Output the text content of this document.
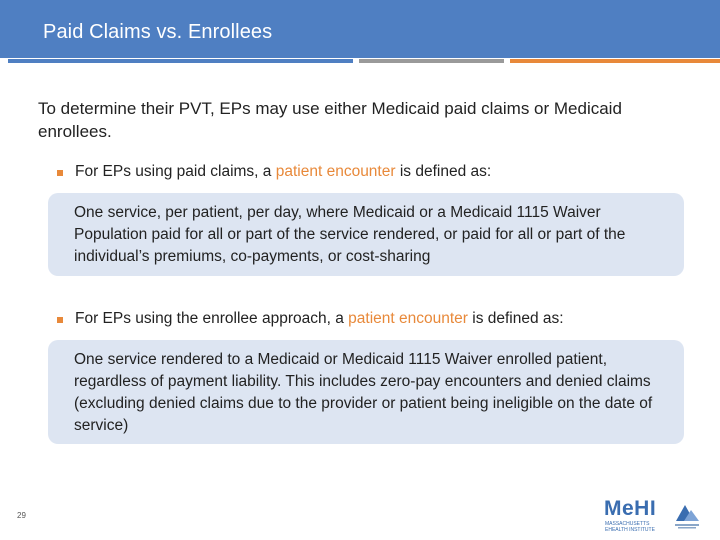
Paid Claims vs. Enrollees
To determine their PVT, EPs may use either Medicaid paid claims or Medicaid enrollees.
For EPs using paid claims, a patient encounter is defined as:
One service, per patient, per day, where Medicaid or a Medicaid 1115 Waiver Population paid for all or part of the service rendered, or paid for all or part of the individual’s premiums, co-payments, or cost-sharing
For EPs using the enrollee approach, a patient encounter is defined as:
One service rendered to a Medicaid or Medicaid 1115 Waiver enrolled patient, regardless of payment liability. This includes zero-pay encounters and denied claims (excluding denied claims due to the provider or patient being ineligible on the date of service)
29	MeHI
MASSACHUSETTS EHEALTH INSTITUTE
